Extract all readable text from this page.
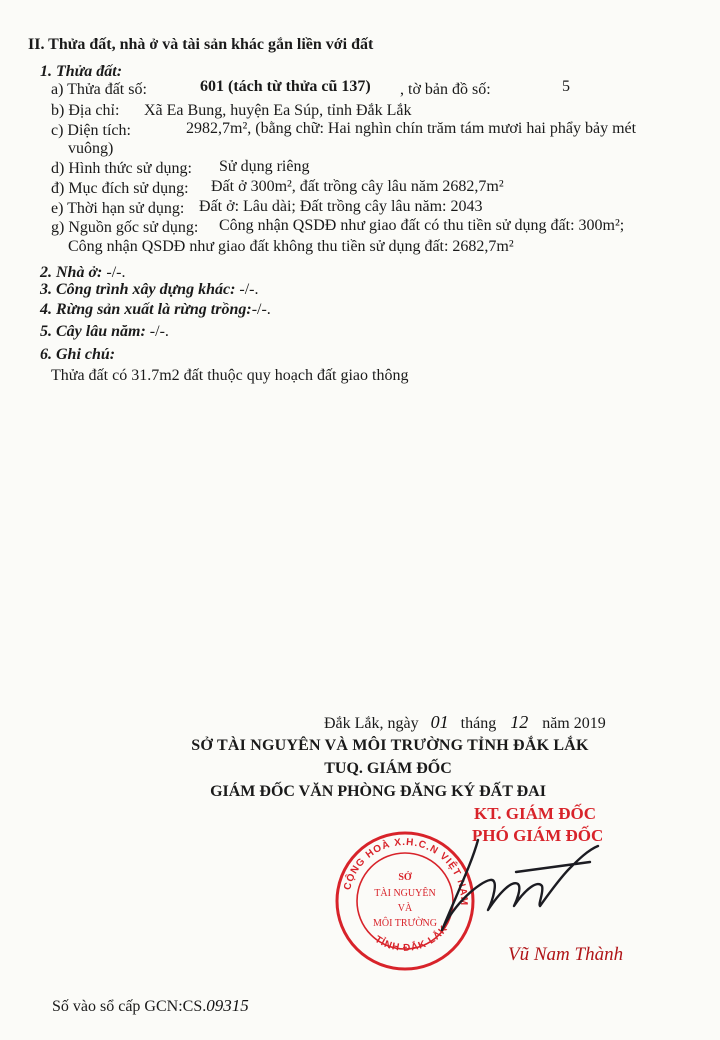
II. Thửa đất, nhà ở và tài sản khác gắn liền với đất
1. Thửa đất:
a) Thửa đất số:	601 (tách từ thửa cũ 137) , tờ bản đồ số:	5
b) Địa chỉ: Xã Ea Bung, huyện Ea Súp, tỉnh Đắk Lắk
c) Diện tích:	2982,7m², (bằng chữ: Hai nghìn chín trăm tám mươi hai phẩy bảy mét
vuông)
d) Hình thức sử dụng: Sử dụng riêng
đ) Mục đích sử dụng: Đất ở 300m², đất trồng cây lâu năm 2682,7m²
e) Thời hạn sử dụng: Đất ở: Lâu dài; Đất trồng cây lâu năm: 2043
g) Nguồn gốc sử dụng: Công nhận QSDĐ như giao đất có thu tiền sử dụng đất: 300m²;
Công nhận QSDĐ như giao đất không thu tiền sử dụng đất: 2682,7m²
2. Nhà ở: -/-.
3. Công trình xây dựng khác: -/-.
4. Rừng sản xuất là rừng trồng:-/-.
5. Cây lâu năm: -/-.
6. Ghi chú:
Thửa đất có 31.7m2 đất thuộc quy hoạch đất giao thông
Đắk Lắk, ngày 01 tháng 12 năm 2019
SỞ TÀI NGUYÊN VÀ MÔI TRƯỜNG TỈNH ĐẮK LẮK
TUQ. GIÁM ĐỐC
GIÁM ĐỐC VĂN PHÒNG ĐĂNG KÝ ĐẤT ĐAI
KT. GIÁM ĐỐC
PHÓ GIÁM ĐỐC
CỘNG HOÀ X.H.C.N VIỆT NAM
TỈNH ĐẮK LẮK
SỞ
TÀI NGUYÊN
VÀ
MÔI TRƯỜNG
Vũ Nam Thành
Số vào sổ cấp GCN:CS.09315
